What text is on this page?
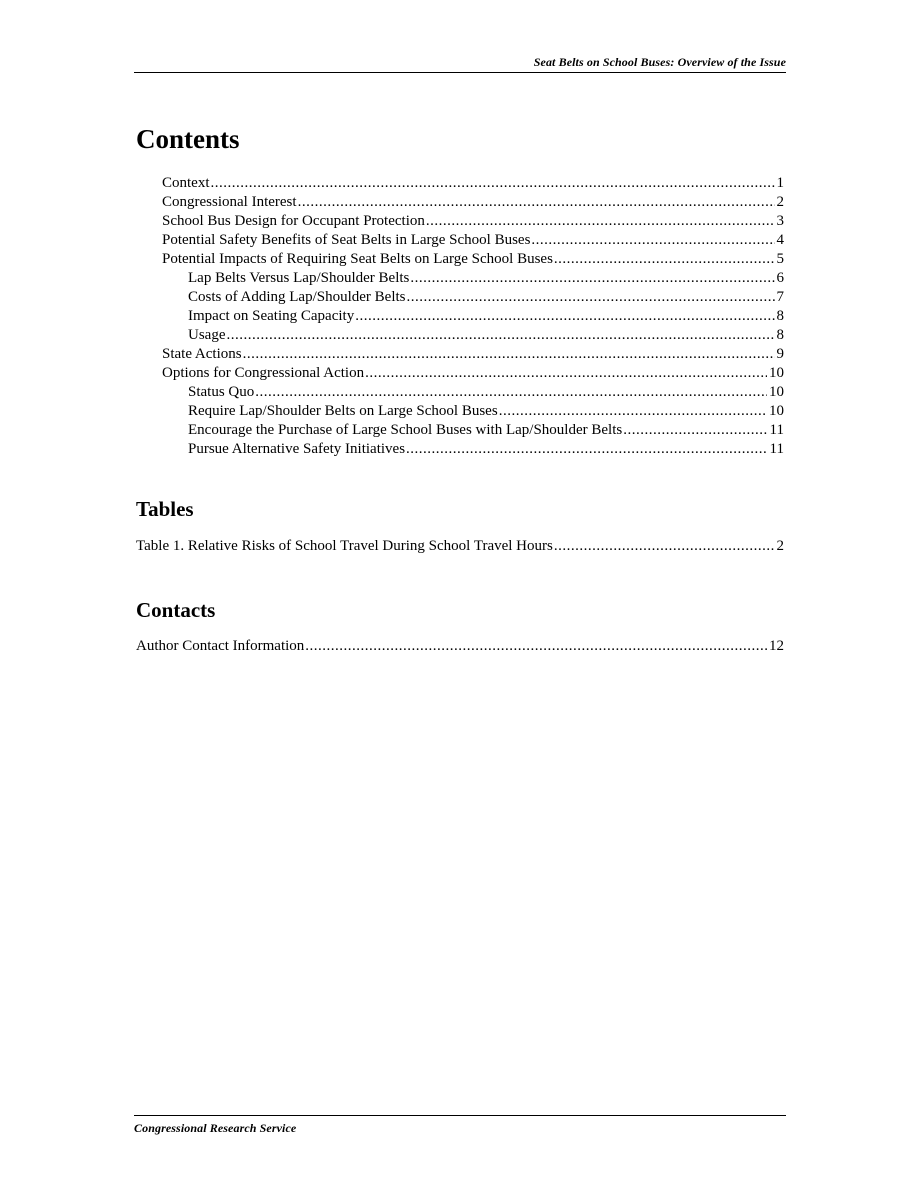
Seat Belts on School Buses: Overview of the Issue
Contents
Context .....	1
Congressional Interest .....	2
School Bus Design for Occupant Protection .....	3
Potential Safety Benefits of Seat Belts in Large School Buses .....	4
Potential Impacts of Requiring Seat Belts on Large School Buses .....	5
Lap Belts Versus Lap/Shoulder Belts .....	6
Costs of Adding Lap/Shoulder Belts .....	7
Impact on Seating Capacity .....	8
Usage .....	8
State Actions .....	9
Options for Congressional Action .....	10
Status Quo .....	10
Require Lap/Shoulder Belts on Large School Buses .....	10
Encourage the Purchase of Large School Buses with Lap/Shoulder Belts .....	11
Pursue Alternative Safety Initiatives .....	11
Tables
Table 1. Relative Risks of School Travel During School Travel Hours .....	2
Contacts
Author Contact Information .....	12
Congressional Research Service
